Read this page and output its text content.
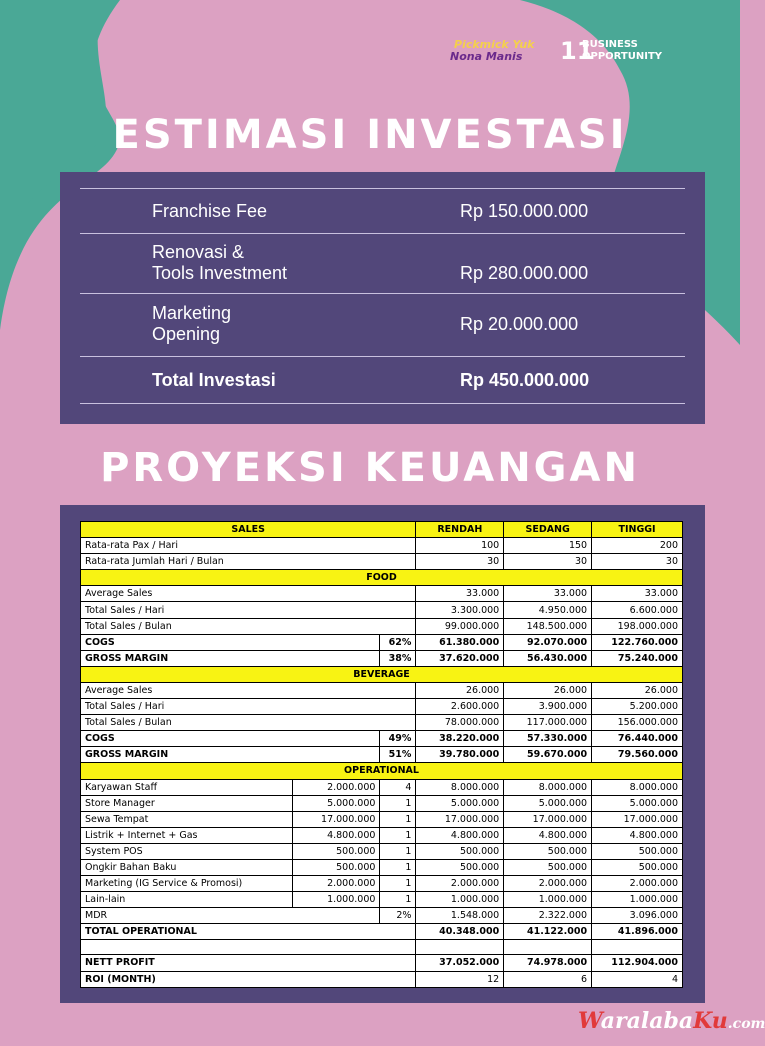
Pickmick Yuk
Nona Manis 11
BUSINESS
OPPORTUNITY
ESTIMASI INVESTASI
Franchise Fee	Rp 150.000.000
Renovasi &
Tools Investment	Rp 280.000.000
Marketing
Opening	Rp 20.000.000
Total Investasi	Rp 450.000.000
PROYEKSI KEUANGAN
SALES			RENDAH	SEDANG	TINGGI
Rata-rata Pax / Hari			100	150	200
Rata-rata Jumlah Hari / Bulan			30	30	30
FOOD					
Average Sales			33.000	33.000	33.000
Total Sales / Hari			3.300.000	4.950.000	6.600.000
Total Sales / Bulan			99.000.000	148.500.000	198.000.000
COGS		62%	61.380.000	92.070.000	122.760.000
GROSS MARGIN		38%	37.620.000	56.430.000	75.240.000
BEVERAGE					
Average Sales			26.000	26.000	26.000
Total Sales / Hari			2.600.000	3.900.000	5.200.000
Total Sales / Bulan			78.000.000	117.000.000	156.000.000
COGS		49%	38.220.000	57.330.000	76.440.000
GROSS MARGIN		51%	39.780.000	59.670.000	79.560.000
OPERATIONAL					
Karyawan Staff	2.000.000	4	8.000.000	8.000.000	8.000.000
Store Manager	5.000.000	1	5.000.000	5.000.000	5.000.000
Sewa Tempat	17.000.000	1	17.000.000	17.000.000	17.000.000
Listrik + Internet + Gas	4.800.000	1	4.800.000	4.800.000	4.800.000
System POS	500.000	1	500.000	500.000	500.000
Ongkir Bahan Baku	500.000	1	500.000	500.000	500.000
Marketing (IG Service & Promosi)	2.000.000	1	2.000.000	2.000.000	2.000.000
Lain-lain	1.000.000	1	1.000.000	1.000.000	1.000.000
MDR		2%	1.548.000	2.322.000	3.096.000
TOTAL OPERATIONAL			40.348.000	41.122.000	41.896.000

NETT PROFIT			37.052.000	74.978.000	112.904.000
ROI (MONTH)			12	6	4
WaralabaKu.com
